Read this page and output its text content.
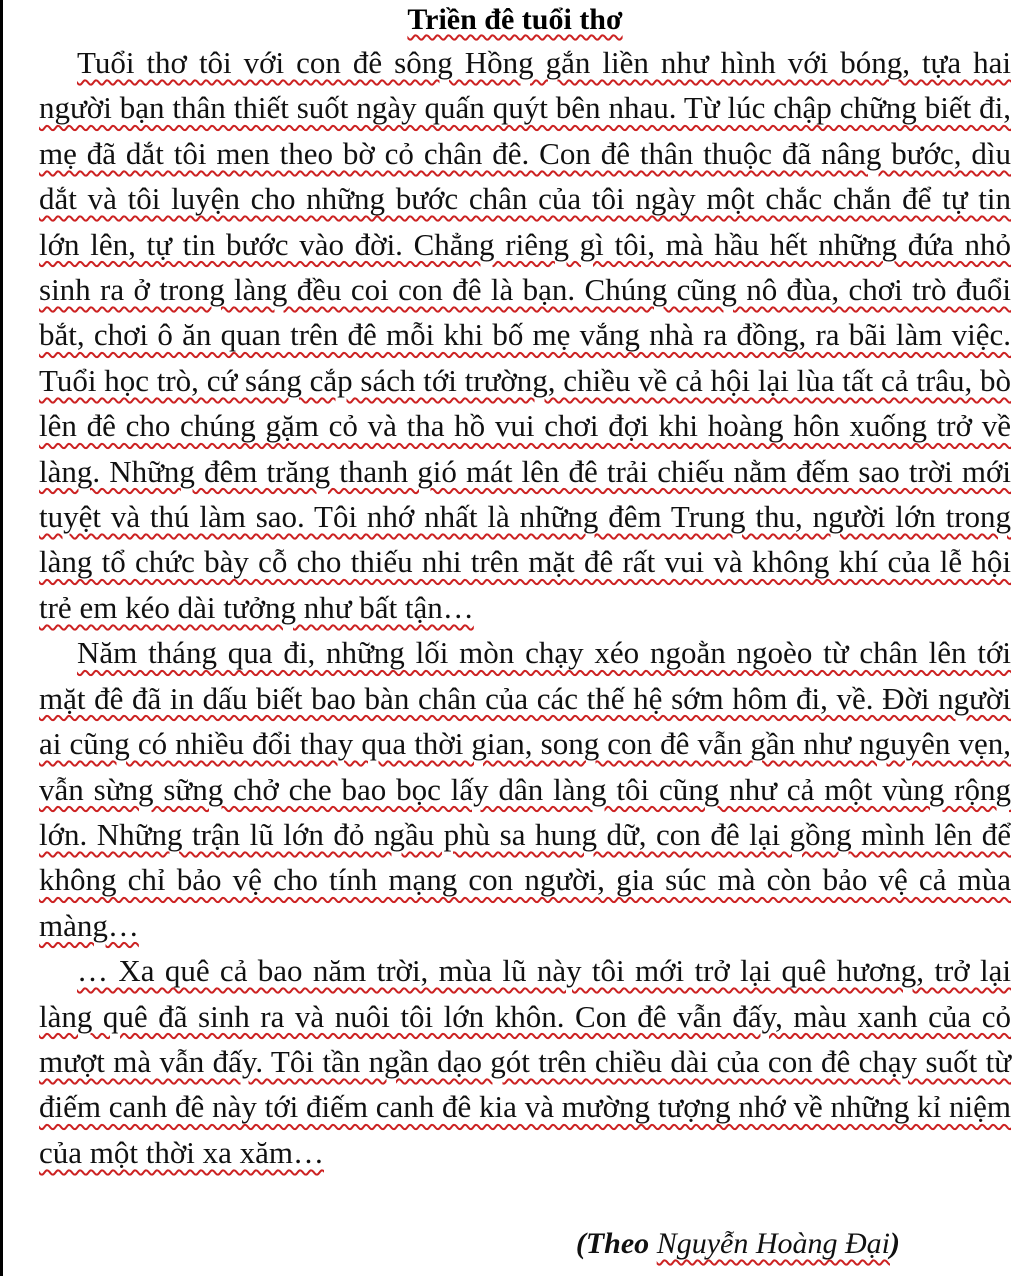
Triền đê tuổi thơ

Tuổi thơ tôi với con đê sông Hồng gắn liền như hình với bóng, tựa hai người bạn thân thiết suốt ngày quấn quýt bên nhau. Từ lúc chập chững biết đi, mẹ đã dắt tôi men theo bờ cỏ chân đê. Con đê thân thuộc đã nâng bước, dìu dắt và tôi luyện cho những bước chân của tôi ngày một chắc chắn để tự tin lớn lên, tự tin bước vào đời. Chẳng riêng gì tôi, mà hầu hết những đứa nhỏ sinh ra ở trong làng đều coi con đê là bạn. Chúng cũng nô đùa, chơi trò đuổi bắt, chơi ô ăn quan trên đê mỗi khi bố mẹ vắng nhà ra đồng, ra bãi làm việc. Tuổi học trò, cứ sáng cắp sách tới trường, chiều về cả hội lại lùa tất cả trâu, bò lên đê cho chúng gặm cỏ và tha hồ vui chơi đợi khi hoàng hôn xuống trở về làng. Những đêm trăng thanh gió mát lên đê trải chiếu nằm đếm sao trời mới tuyệt và thú làm sao. Tôi nhớ nhất là những đêm Trung thu, người lớn trong làng tổ chức bày cỗ cho thiếu nhi trên mặt đê rất vui và không khí của lễ hội trẻ em kéo dài tưởng như bất tận…

Năm tháng qua đi, những lối mòn chạy xéo ngoằn ngoèo từ chân lên tới mặt đê đã in dấu biết bao bàn chân của các thế hệ sớm hôm đi, về. Đời người ai cũng có nhiều đổi thay qua thời gian, song con đê vẫn gần như nguyên vẹn, vẫn sừng sững chở che bao bọc lấy dân làng tôi cũng như cả một vùng rộng lớn. Những trận lũ lớn đỏ ngầu phù sa hung dữ, con đê lại gồng mình lên để không chỉ bảo vệ cho tính mạng con người, gia súc mà còn bảo vệ cả mùa màng…

… Xa quê cả bao năm trời, mùa lũ này tôi mới trở lại quê hương, trở lại làng quê đã sinh ra và nuôi tôi lớn khôn. Con đê vẫn đấy, màu xanh của cỏ mượt mà vẫn đấy. Tôi tần ngần dạo gót trên chiều dài của con đê chạy suốt từ điếm canh đê này tới điếm canh đê kia và mường tượng nhớ về những kỉ niệm của một thời xa xăm…

(Theo Nguyễn Hoàng Đại)
